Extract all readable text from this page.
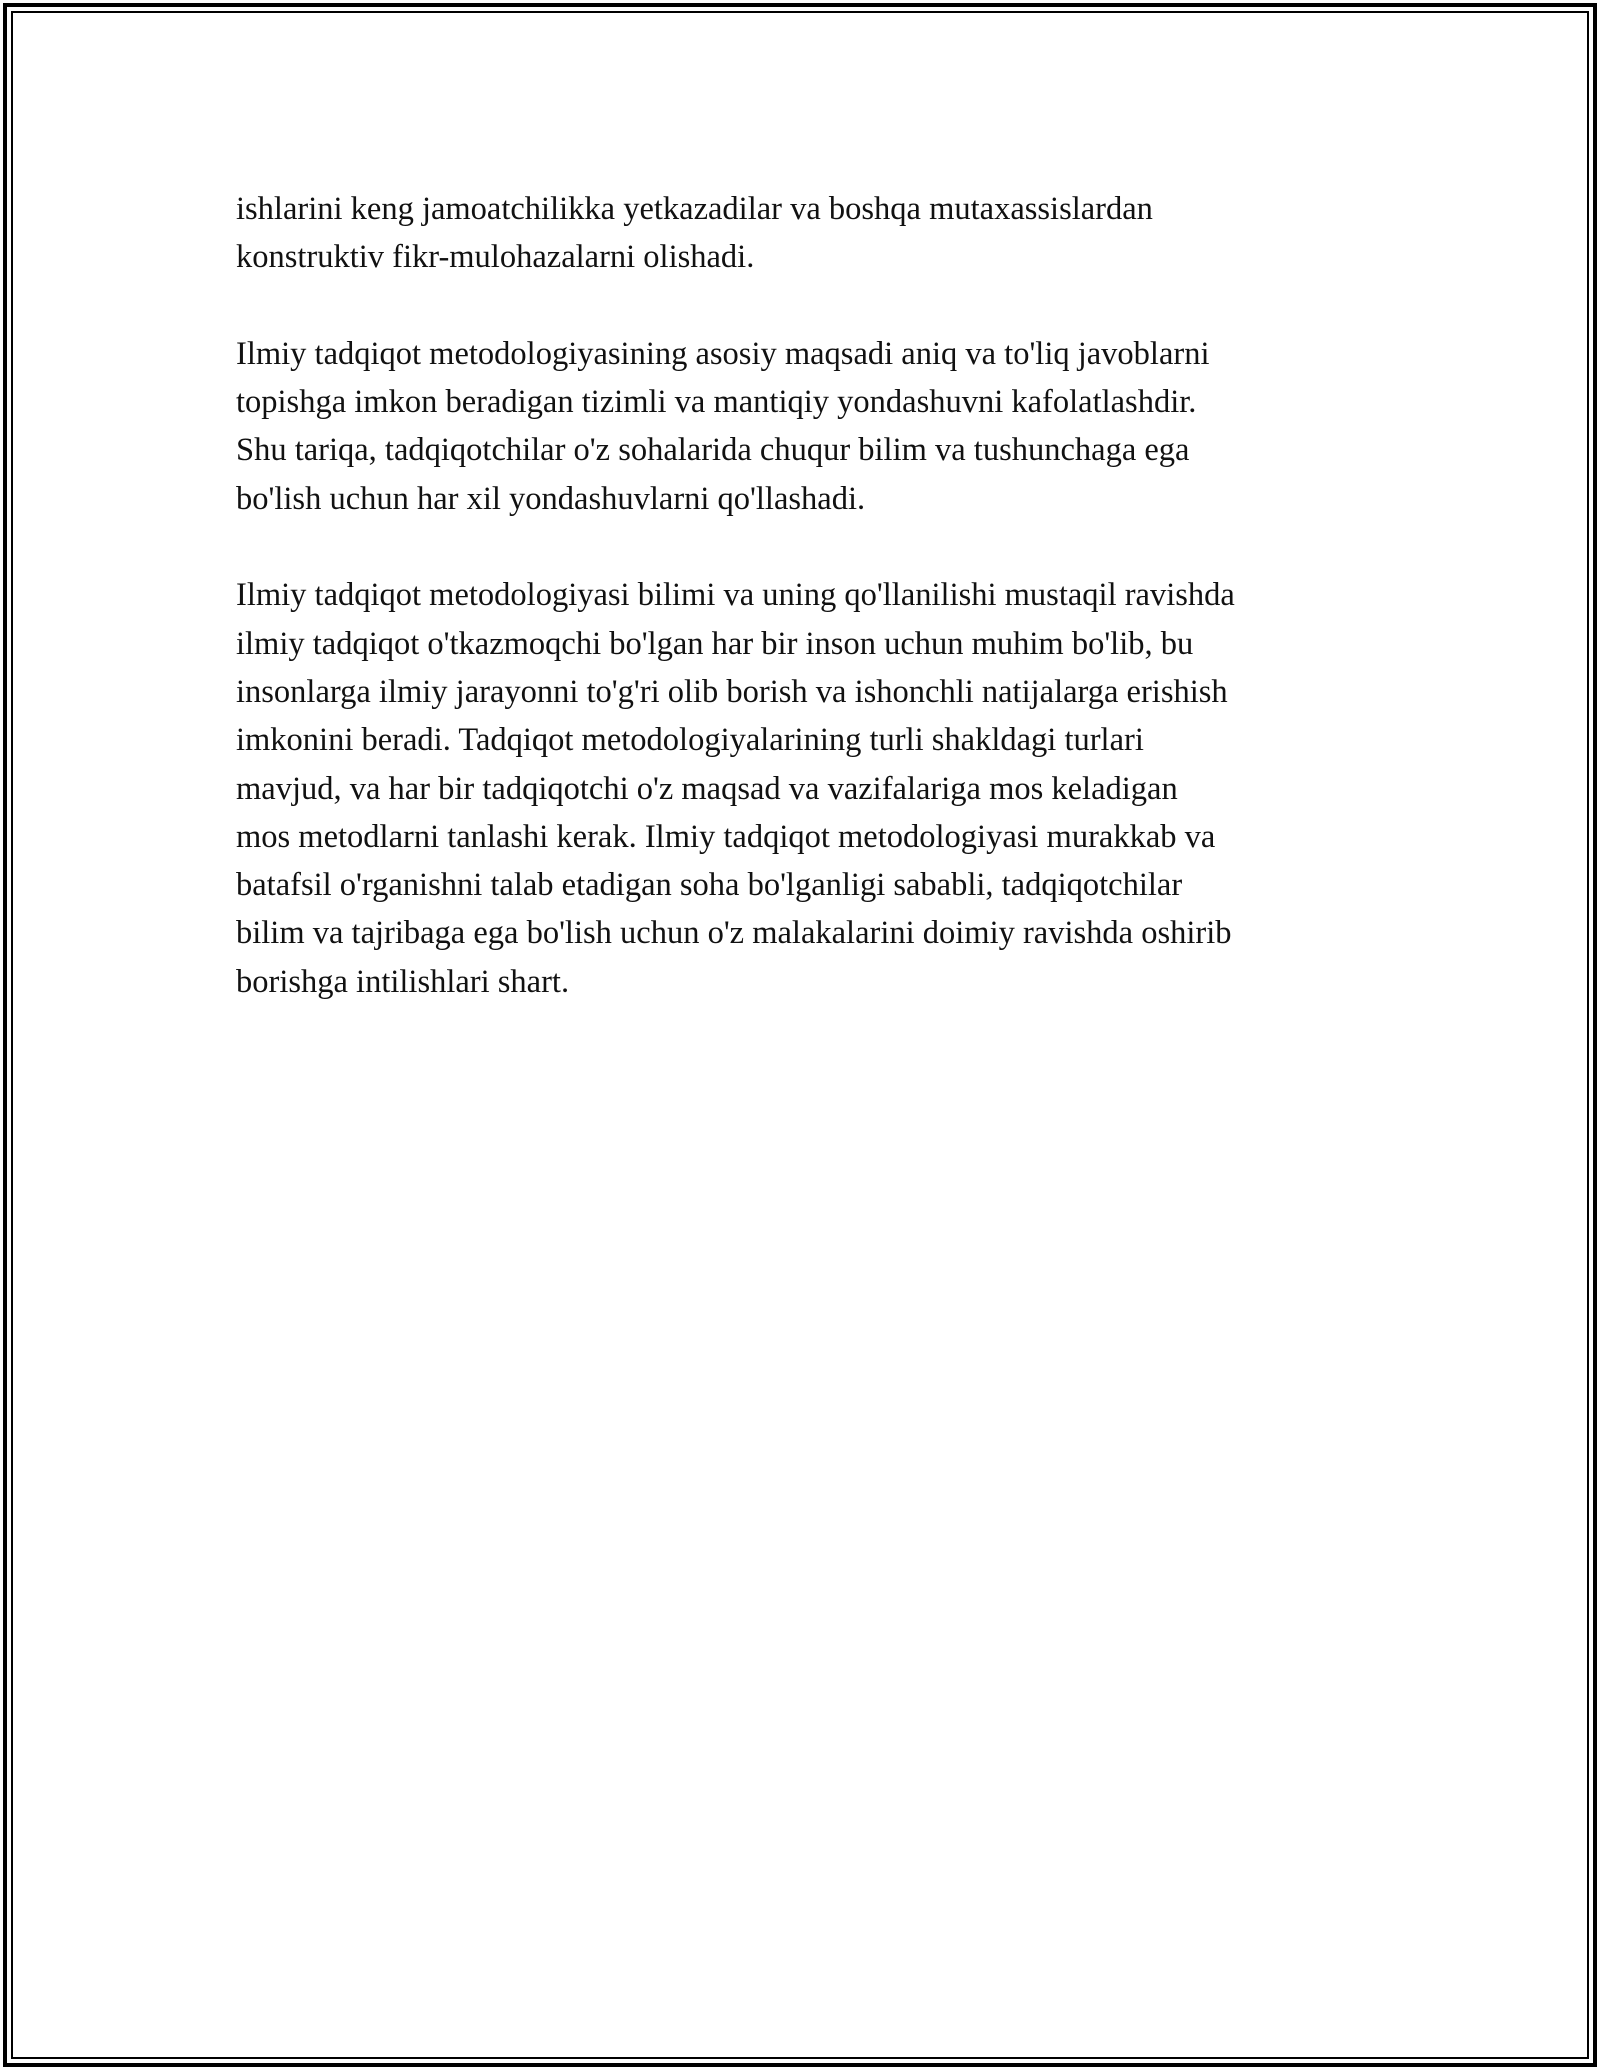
ishlarini keng jamoatchilikka yetkazadilar va boshqa mutaxassislardan
konstruktiv fikr-mulohazalarni olishadi.

Ilmiy tadqiqot metodologiyasining asosiy maqsadi aniq va to'liq javoblarni
topishga imkon beradigan tizimli va mantiqiy yondashuvni kafolatlashdir.
Shu tariqa, tadqiqotchilar o'z sohalarida chuqur bilim va tushunchaga ega
bo'lish uchun har xil yondashuvlarni qo'llashadi.

Ilmiy tadqiqot metodologiyasi bilimi va uning qo'llanilishi mustaqil ravishda
ilmiy tadqiqot o'tkazmoqchi bo'lgan har bir inson uchun muhim bo'lib, bu
insonlarga ilmiy jarayonni to'g'ri olib borish va ishonchli natijalarga erishish
imkonini beradi. Tadqiqot metodologiyalarining turli shakldagi turlari
mavjud, va har bir tadqiqotchi o'z maqsad va vazifalariga mos keladigan
mos metodlarni tanlashi kerak. Ilmiy tadqiqot metodologiyasi murakkab va
batafsil o'rganishni talab etadigan soha bo'lganligi sababli, tadqiqotchilar
bilim va tajribaga ega bo'lish uchun o'z malakalarini doimiy ravishda oshirib
borishga intilishlari shart.
